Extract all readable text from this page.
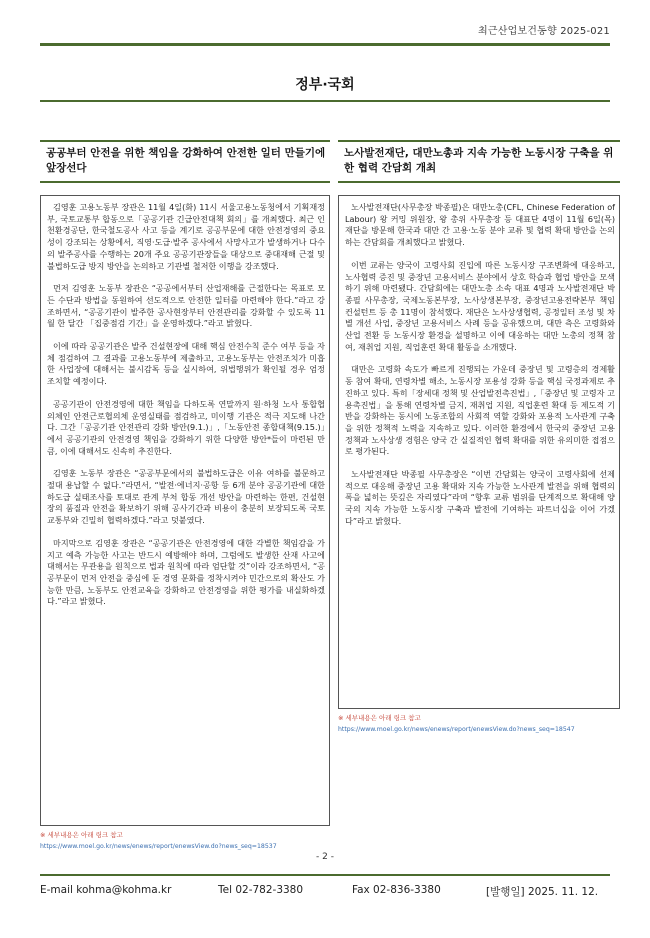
최근산업보건동향 2025-021
정부·국회
공공부터 안전을 위한 책임을 강화하여 안전한 일터 만들기에 앞장선다

김영훈 고용노동부 장관은 11월 4일(화) 11시 서울고용노동청에서 기획재정부, 국토교통부 합동으로「공공기관 긴급안전대책 회의」를 개최했다. 최근 인천환경공단, 한국철도공사 사고 등을 계기로 공공부문에 대한 안전경영의 중요성이 강조되는 상황에서, 직영·도급·발주 공사에서 사망사고가 발생하거나 다수의 발주공사를 수행하는 20개 주요 공공기관장들을 대상으로 중대재해 근절 및 불법하도급 방지 방안을 논의하고 기관별 철저한 이행을 강조했다.

먼저 김영훈 노동부 장관은 “공공에서부터 산업재해를 근절한다는 목표로 모든 수단과 방법을 동원하여 선도적으로 안전한 일터를 마련해야 한다.”라고 강조하면서, “공공기관이 발주한 공사현장부터 안전관리를 강화할 수 있도록 11월 한 달간 「집중점검 기간」을 운영하겠다.”라고 밝혔다.

이에 따라 공공기관은 발주 건설현장에 대해 핵심 안전수칙 준수 여부 등을 자체 점검하여 그 결과를 고용노동부에 제출하고, 고용노동부는 안전조치가 미흡한 사업장에 대해서는 불시감독 등을 실시하여, 위법행위가 확인될 경우 엄정 조치할 예정이다.

공공기관이 안전경영에 대한 책임을 다하도록 연말까지 원·하청 노사 통합협의체인 안전근로협의체 운영실태를 점검하고, 미이행 기관은 적극 지도해 나간다. 그간「공공기관 안전관리 강화 방안(9.1.)」,「노동안전 종합대책(9.15.)」에서 공공기관의 안전경영 책임을 강화하기 위한 다양한 방안*들이 마련된 만큼, 이에 대해서도 신속히 추진한다.

김영훈 노동부 장관은 “공공부문에서의 불법하도급은 이유 여하를 불문하고 절대 용납할 수 없다.”라면서, “발전·에너지·공항 등 6개 분야 공공기관에 대한 하도급 실태조사를 토대로 관계 부처 합동 개선 방안을 마련하는 한편, 건설현장의 품질과 안전을 확보하기 위해 공사기간과 비용이 충분히 보장되도록 국토교통부와 긴밀히 협력하겠다.”라고 덧붙였다.

마지막으로 김영훈 장관은 “공공기관은 안전경영에 대한 각별한 책임감을 가지고 예측 가능한 사고는 반드시 예방해야 하며, 그럼에도 발생한 산재 사고에 대해서는 무관용을 원칙으로 법과 원칙에 따라 엄단할 것”이라 강조하면서, “공공부문이 먼저 안전을 중심에 둔 경영 문화를 정착시켜야 민간으로의 확산도 가능한 만큼, 노동부도 안전교육을 강화하고 안전경영을 위한 평가를 내실화하겠다.”라고 밝혔다.

※ 세부내용은 아래 링크 참고
https://www.moel.go.kr/news/enews/report/enewsView.do?news_seq=18537
노사발전재단, 대만노총과 지속 가능한 노동시장 구축을 위한 협력 간담회 개최

노사발전재단(사무총장 박종필)은 대만노총(CFL, Chinese Federation of Labour) 왕 커밍 위원장, 왕 총위 사무총장 등 대표단 4명이 11월 6일(목) 재단을 방문해 한국과 대만 간 고용·노동 분야 교류 및 협력 확대 방안을 논의하는 간담회를 개최했다고 밝혔다.

이번 교류는 양국이 고령사회 진입에 따른 노동시장 구조변화에 대응하고, 노사협력 증진 및 중장년 고용서비스 분야에서 상호 학습과 협업 방안을 모색하기 위해 마련됐다. 간담회에는 대만노총 소속 대표 4명과 노사발전재단 박종필 사무총장, 국제노동본부장, 노사상생본부장, 중장년고용전략본부 책임컨설턴트 등 총 11명이 참석했다. 재단은 노사상생협력, 공정일터 조성 및 차별 개선 사업, 중장년 고용서비스 사례 등을 공유했으며, 대만 측은 고령화와 산업 전환 등 노동시장 환경을 설명하고 이에 대응하는 대만 노총의 정책 참여, 재취업 지원, 직업훈련 확대 활동을 소개했다.

대만은 고령화 속도가 빠르게 진행되는 가운데 중장년 및 고령층의 경제활동 참여 확대, 연령차별 해소, 노동시장 포용성 강화 등을 핵심 국정과제로 추진하고 있다. 특히「장세대 정책 및 산업발전촉진법」,「중장년 및 고령자 고용촉진법」을 통해 연령차별 금지, 재취업 지원, 직업훈련 확대 등 제도적 기반을 강화하는 동시에 노동조합의 사회적 역할 강화와 포용적 노사관계 구축을 위한 정책적 노력을 지속하고 있다. 이러한 환경에서 한국의 중장년 고용정책과 노사상생 경험은 양국 간 실질적인 협력 확대를 위한 유의미한 접점으로 평가된다.

노사발전재단 박종필 사무총장은 “이번 간담회는 양국이 고령사회에 선제적으로 대응해 중장년 고용 확대와 지속 가능한 노사관계 발전을 위해 협력의 폭을 넓히는 뜻깊은 자리였다”라며 “향후 교류 범위를 단계적으로 확대해 양국의 지속 가능한 노동시장 구축과 발전에 기여하는 파트너십을 이어 가겠다”라고 밝혔다.

※ 세부내용은 아래 링크 참고
https://www.moel.go.kr/news/enews/report/enewsView.do?news_seq=18547
- 2 -
E-mail kohma@kohma.kr	Tel 02-782-3380	Fax 02-836-3380	[발행일] 2025. 11. 12.
